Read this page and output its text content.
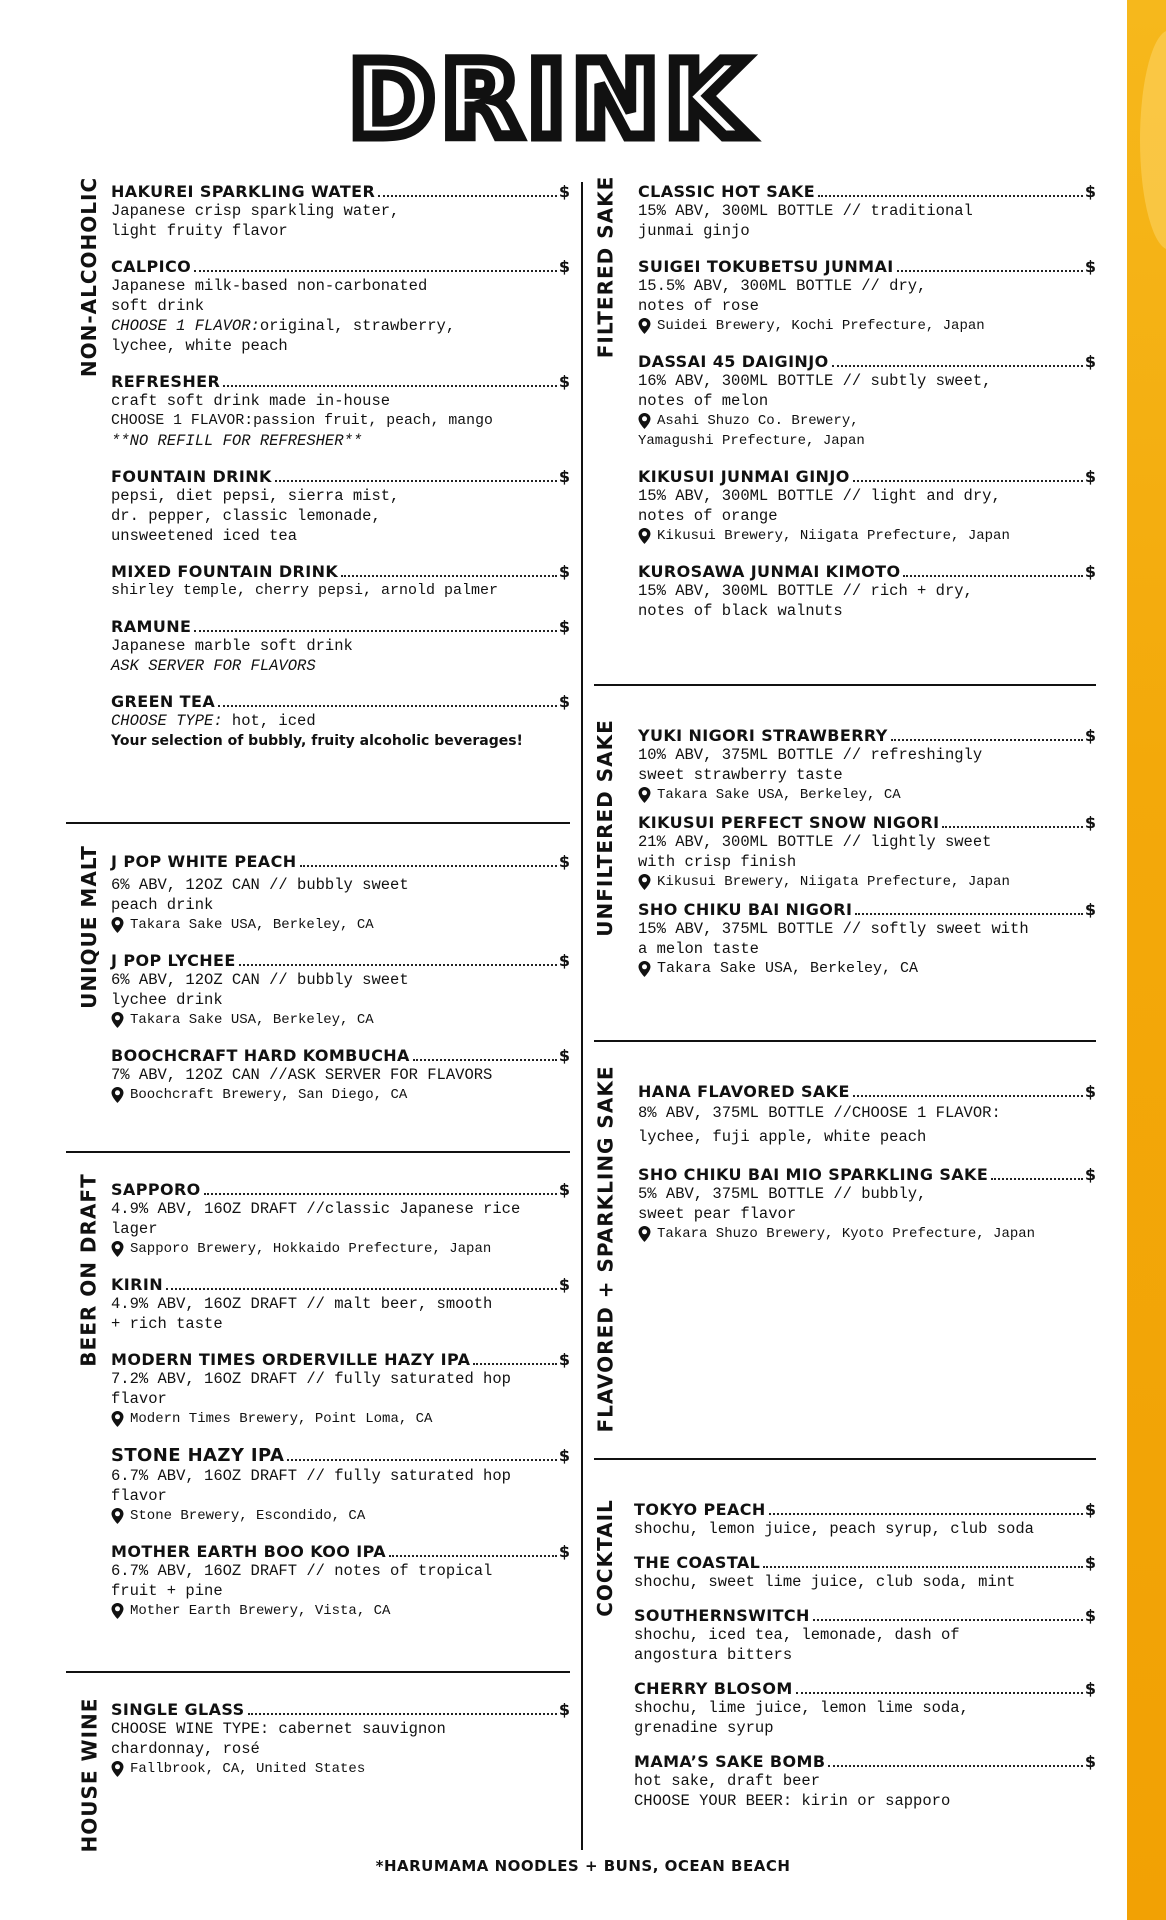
DRINK
NON-ALCOHOLIC HAKUREI SPARKLING WATER	$
Japanese crisp sparkling water,
light fruity flavor
CALPICO	$
Japanese milk-based non-carbonated
soft drink
CHOOSE 1 FLAVOR:original, strawberry,
lychee, white peach
REFRESHER	$
craft soft drink made in-house
CHOOSE 1 FLAVOR:passion fruit, peach, mango
**NO REFILL FOR REFRESHER**
FOUNTAIN DRINK	$
pepsi, diet pepsi, sierra mist,
dr. pepper, classic lemonade,
unsweetened iced tea
MIXED FOUNTAIN DRINK	$
shirley temple, cherry pepsi, arnold palmer
RAMUNE	$
Japanese marble soft drink
ASK SERVER FOR FLAVORS
GREEN TEA	$
CHOOSE TYPE: hot, iced
Your selection of bubbly, fruity alcoholic beverages!
UNIQUE MALT J POP WHITE PEACH	$
6% ABV, 12OZ CAN // bubbly sweet
peach drink
Takara Sake USA, Berkeley, CA
J POP LYCHEE	$
6% ABV, 12OZ CAN // bubbly sweet
lychee drink
Takara Sake USA, Berkeley, CA
BOOCHCRAFT HARD KOMBUCHA	$
7% ABV, 12OZ CAN //ASK SERVER FOR FLAVORS
Boochcraft Brewery, San Diego, CA
BEER ON DRAFT SAPPORO	$
4.9% ABV, 16OZ DRAFT //classic Japanese rice
lager
Sapporo Brewery, Hokkaido Prefecture, Japan
KIRIN	$
4.9% ABV, 16OZ DRAFT // malt beer, smooth
+ rich taste
MODERN TIMES ORDERVILLE HAZY IPA	$
7.2% ABV, 16OZ DRAFT // fully saturated hop
flavor
Modern Times Brewery, Point Loma, CA
STONE HAZY IPA	$
6.7% ABV, 16OZ DRAFT // fully saturated hop
flavor
Stone Brewery, Escondido, CA
MOTHER EARTH BOO KOO IPA	$
6.7% ABV, 16OZ DRAFT // notes of tropical
fruit + pine
Mother Earth Brewery, Vista, CA
HOUSE WINE SINGLE GLASS	$
CHOOSE WINE TYPE: cabernet sauvignon
chardonnay, rosé
Fallbrook, CA, United States
FILTERED SAKE CLASSIC HOT SAKE	$
15% ABV, 300ML BOTTLE // traditional
junmai ginjo
SUIGEI TOKUBETSU JUNMAI	$
15.5% ABV, 300ML BOTTLE // dry,
notes of rose
Suidei Brewery, Kochi Prefecture, Japan
DASSAI 45 DAIGINJO	$
16% ABV, 300ML BOTTLE // subtly sweet,
notes of melon
Asahi Shuzo Co. Brewery,
Yamagushi Prefecture, Japan
KIKUSUI JUNMAI GINJO	$
15% ABV, 300ML BOTTLE // light and dry,
notes of orange
Kikusui Brewery, Niigata Prefecture, Japan
KUROSAWA JUNMAI KIMOTO	$
15% ABV, 300ML BOTTLE // rich + dry,
notes of black walnuts
UNFILTERED SAKE YUKI NIGORI STRAWBERRY	$
10% ABV, 375ML BOTTLE // refreshingly
sweet strawberry taste
Takara Sake USA, Berkeley, CA
KIKUSUI PERFECT SNOW NIGORI	$
21% ABV, 300ML BOTTLE // lightly sweet
with crisp finish
Kikusui Brewery, Niigata Prefecture, Japan
SHO CHIKU BAI NIGORI	$
15% ABV, 375ML BOTTLE // softly sweet with
a melon taste
Takara Sake USA, Berkeley, CA
FLAVORED + SPARKLING SAKE HANA FLAVORED SAKE	$
8% ABV, 375ML BOTTLE //CHOOSE 1 FLAVOR:
lychee, fuji apple, white peach
SHO CHIKU BAI MIO SPARKLING SAKE	$
5% ABV, 375ML BOTTLE // bubbly,
sweet pear flavor
Takara Shuzo Brewery, Kyoto Prefecture, Japan
COCKTAIL TOKYO PEACH	$
shochu, lemon juice, peach syrup, club soda
THE COASTAL	$
shochu, sweet lime juice, club soda, mint
SOUTHERNSWITCH	$
shochu, iced tea, lemonade, dash of
angostura bitters
CHERRY BLOSOM	$
shochu, lime juice, lemon lime soda,
grenadine syrup
MAMA’S SAKE BOMB	$
hot sake, draft beer
CHOOSE YOUR BEER: kirin or sapporo
*HARUMAMA NOODLES + BUNS, OCEAN BEACH
